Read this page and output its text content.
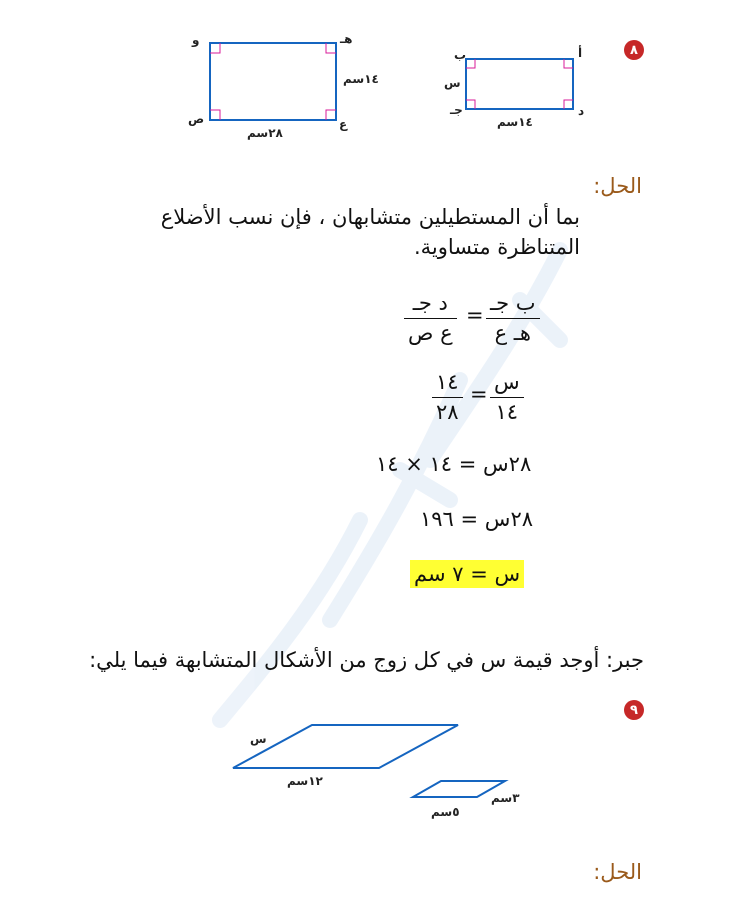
٨
و	هـ
ص	ع
١٤سم
٢٨سم
ب	أ
جـ	د
س
١٤سم
الحل:
بما أن المستطيلين متشابهان ، فإن نسب الأضلاع المتناظرة متساوية.
د جـ
ع ص
= ب جـ
هـ ع
١٤
٢٨
= س
١٤
٢٨س = ١٤ × ١٤
٢٨س = ١٩٦
س = ٧ سم
جبر: أوجد قيمة س في كل زوج من الأشكال المتشابهة فيما يلي:
٩
س
١٢سم
٣سم
٥سم
الحل:
